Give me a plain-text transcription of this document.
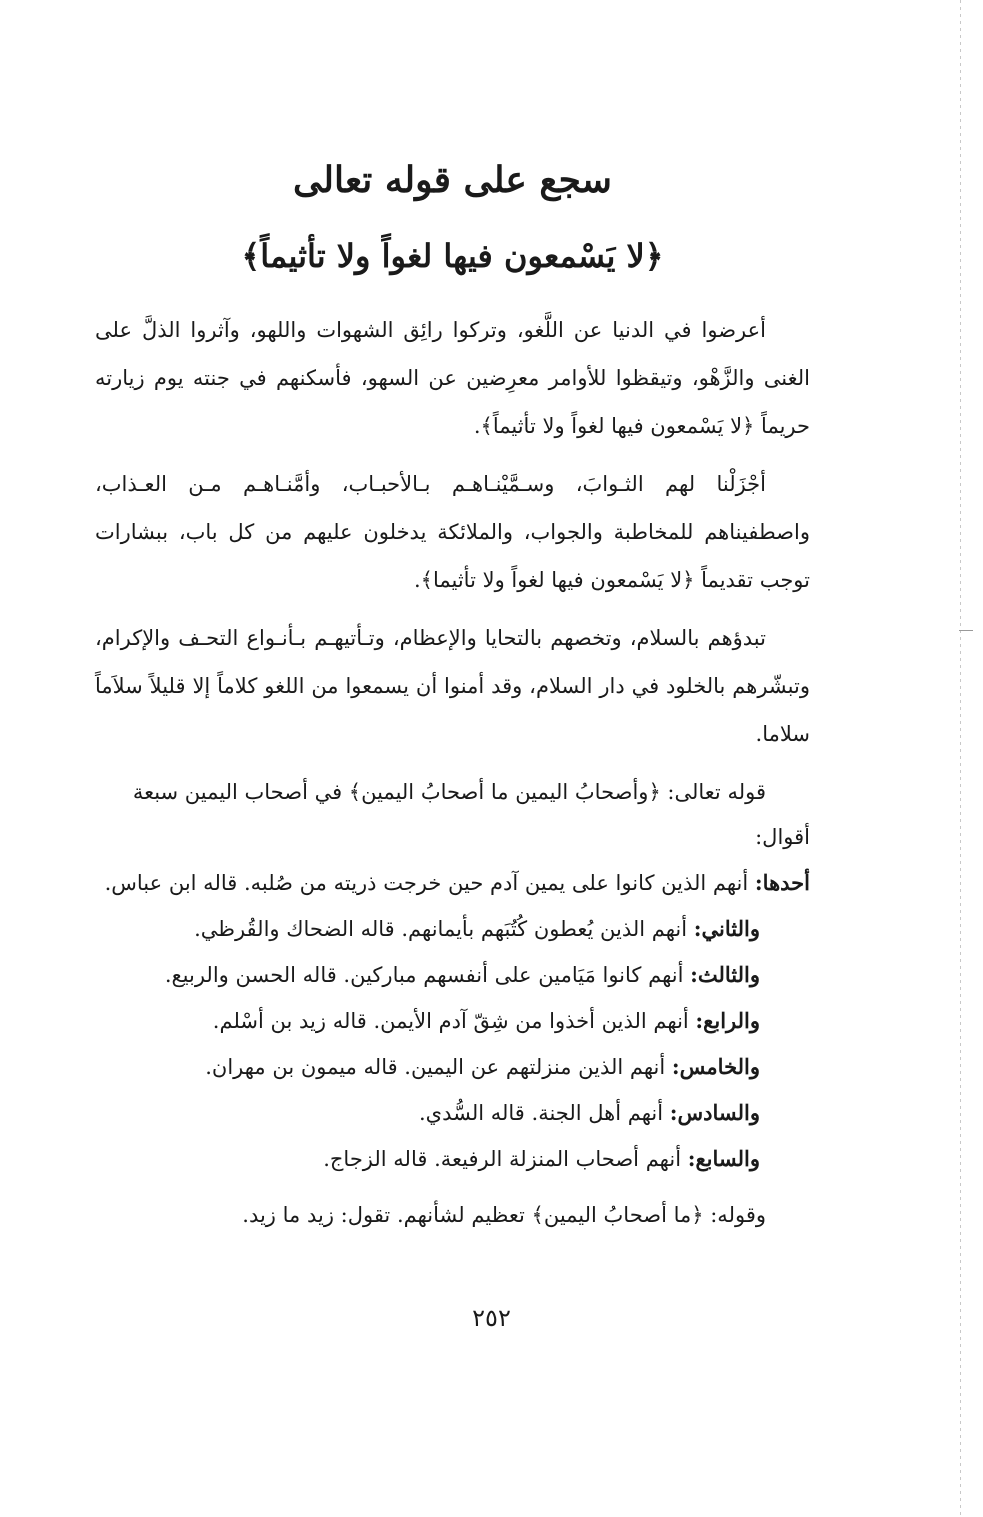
سجع على قوله تعالى
﴿لا يَسْمعون فيها لغواً ولا تأثيماً﴾

أعرضوا في الدنيا عن اللَّغو، وتركوا رائِق الشهوات واللهو، وآثروا الذلَّ على الغنى والزَّهْو، وتيقظوا للأوامر معرِضين عن السهو، فأسكنهم في جنته يوم زيارته حريماً ﴿لا يَسْمعون فيها لغواً ولا تأثيماً﴾.

أجْزَلْنا لهم الثـوابَ، وسـمَّيْنـاهـم بـالأحبـاب، وأمَّنـاهـم مـن العـذاب، واصطفيناهم للمخاطبة والجواب، والملائكة يدخلون عليهم من كل باب، ببشارات توجب تقديماً ﴿لا يَسْمعون فيها لغواً ولا تأثيما﴾.

تبدؤهم بالسلام، وتخصهم بالتحايا والإعظام، وتـأتيهـم بـأنـواع التحـف والإكرام، وتبشّرهم بالخلود في دار السلام، وقد أمنوا أن يسمعوا من اللغو كلاماً إلا قليلاً سلاَماً سلاما.

قوله تعالى: ﴿وأصحابُ اليمين ما أصحابُ اليمين﴾ في أصحاب اليمين سبعة أقوال:

أحدها: أنهم الذين كانوا على يمين آدم حين خرجت ذريته من صُلبه. قاله ابن عباس.

والثاني: أنهم الذين يُعطون كُتُبَهم بأيمانهم. قاله الضحاك والقُرظي.

والثالث: أنهم كانوا مَيَامين على أنفسهم مباركين. قاله الحسن والربيع.

والرابع: أنهم الذين أخذوا من شِقّ آدم الأيمن. قاله زيد بن أسْلم.

والخامس: أنهم الذين منزلتهم عن اليمين. قاله ميمون بن مهران.

والسادس: أنهم أهل الجنة. قاله السُّدي.

والسابع: أنهم أصحاب المنزلة الرفيعة. قاله الزجاج.

وقوله: ﴿ما أصحابُ اليمين﴾ تعظيم لشأنهم. تقول: زيد ما زيد.

٢٥٢
